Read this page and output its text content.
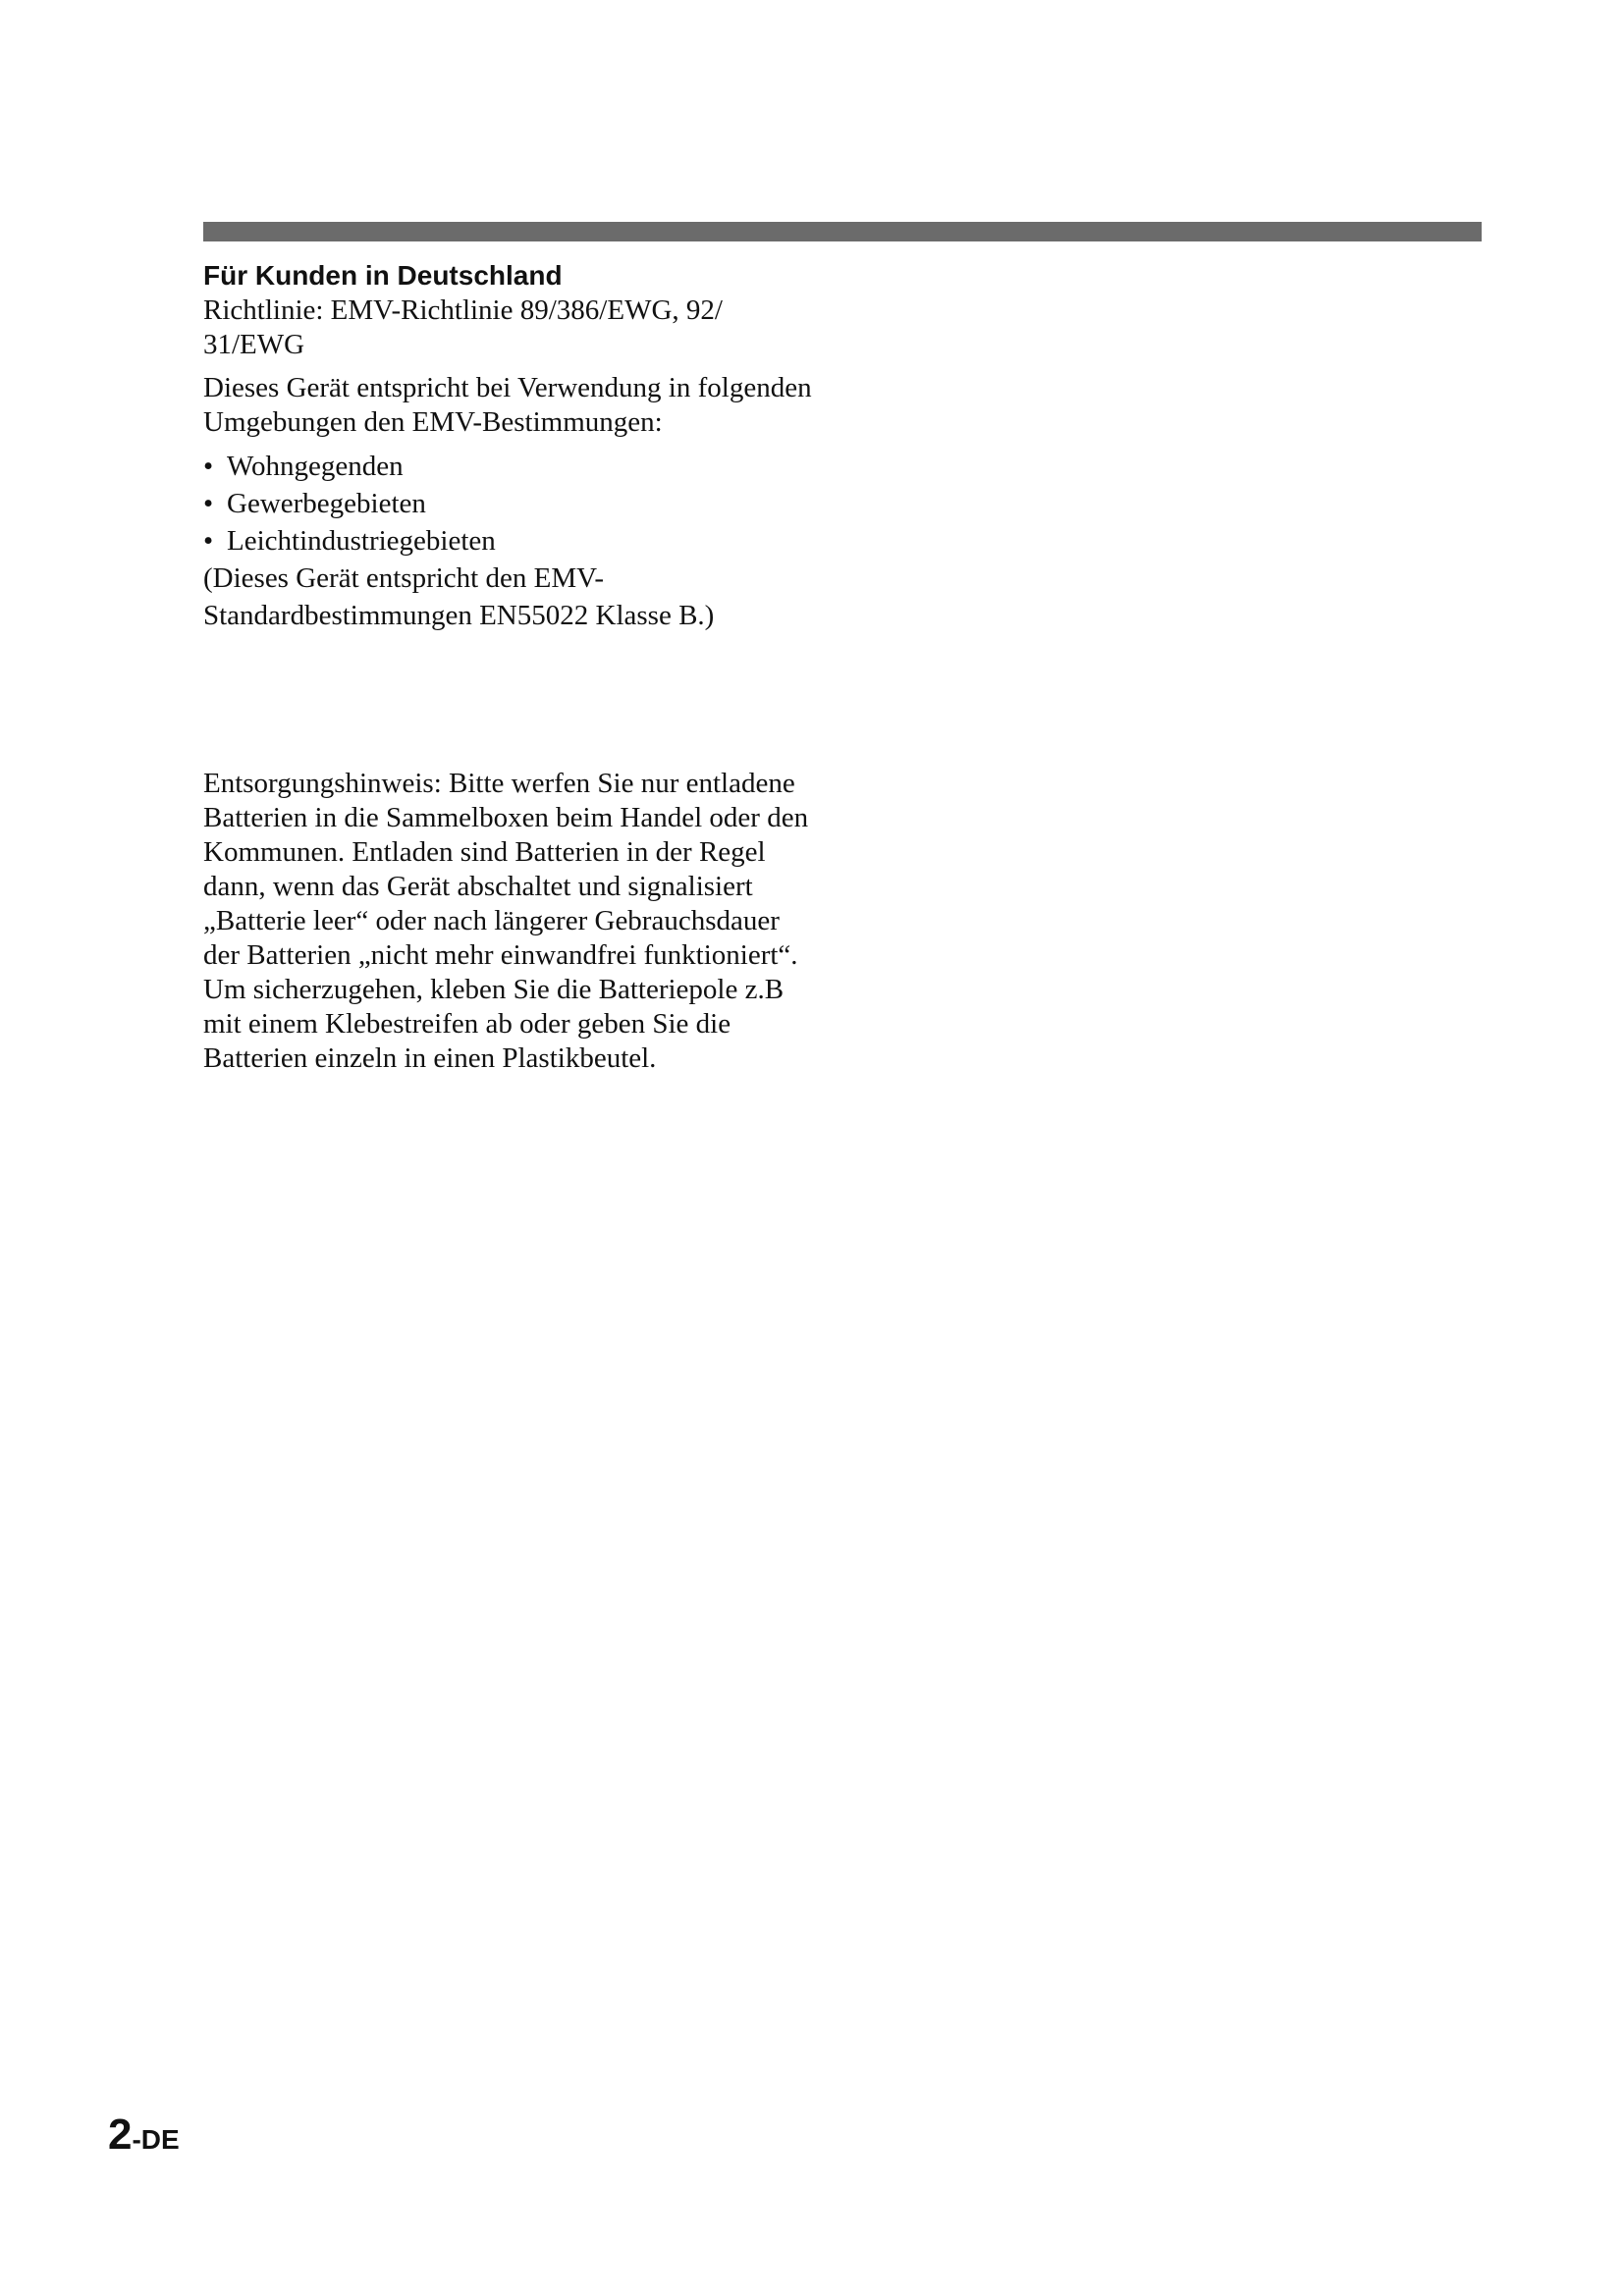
Für Kunden in Deutschland

Richtlinie: EMV-Richtlinie 89/386/EWG, 92/ 31/EWG

Dieses Gerät entspricht bei Verwendung in folgenden Umgebungen den EMV-Bestimmungen:

• Wohngegenden
• Gewerbegebieten
• Leichtindustriegebieten

(Dieses Gerät entspricht den EMV-Standardbestimmungen EN55022 Klasse B.)

Entsorgungshinweis: Bitte werfen Sie nur entladene Batterien in die Sammelboxen beim Handel oder den Kommunen. Entladen sind Batterien in der Regel dann, wenn das Gerät abschaltet und signalisiert „Batterie leer“ oder nach längerer Gebrauchsdauer der Batterien „nicht mehr einwandfrei funktioniert“. Um sicherzugehen, kleben Sie die Batteriepole z.B mit einem Klebestreifen ab oder geben Sie die Batterien einzeln in einen Plastikbeutel.

2-DE
